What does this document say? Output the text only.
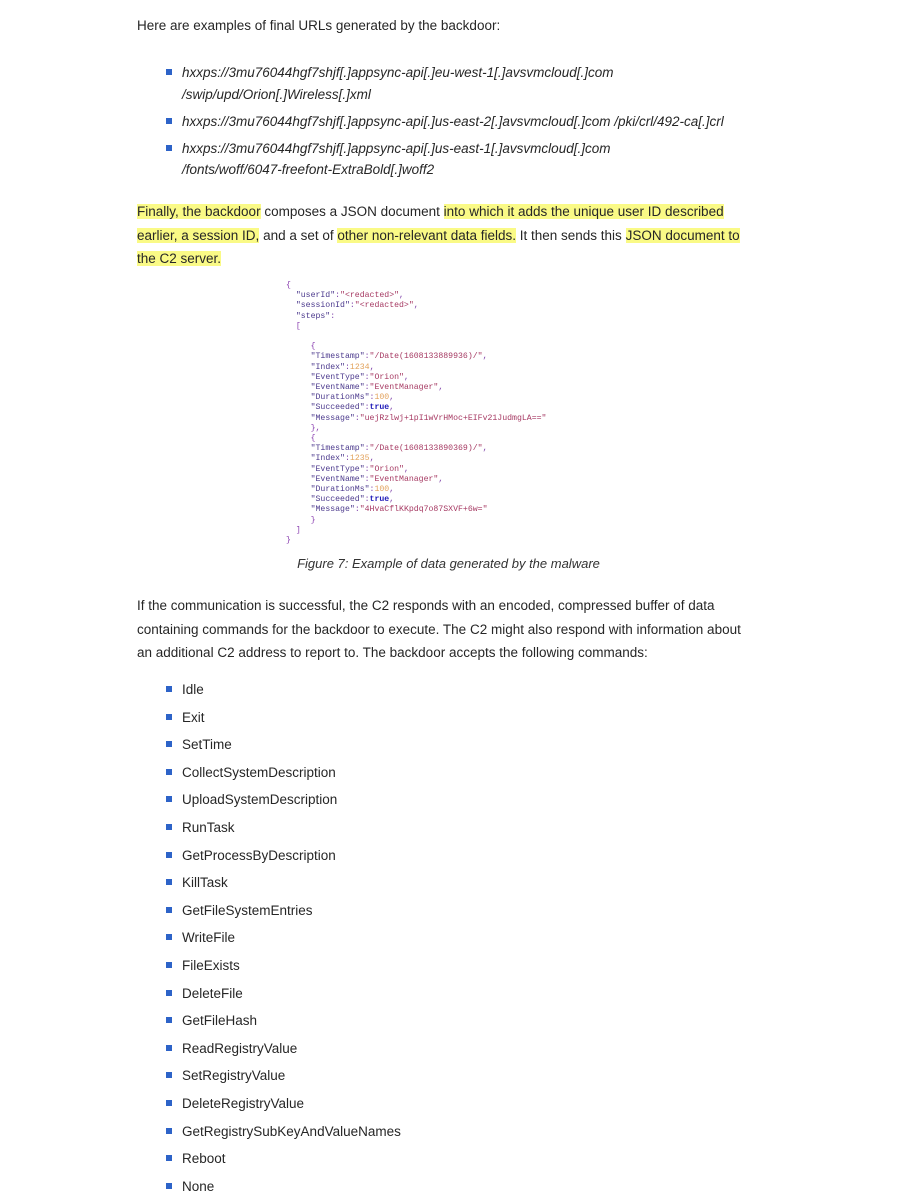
Here are examples of final URLs generated by the backdoor:
hxxps://3mu76044hgf7shjf[.]appsync-api[.]eu-west-1[.]avsvmcloud[.]com
/swip/upd/Orion[.]Wireless[.]xml
hxxps://3mu76044hgf7shjf[.]appsync-api[.]us-east-2[.]avsvmcloud[.]com /pki/crl/492-ca[.]crl
hxxps://3mu76044hgf7shjf[.]appsync-api[.]us-east-1[.]avsvmcloud[.]com
/fonts/woff/6047-freefont-ExtraBold[.]woff2
Finally, the backdoor composes a JSON document into which it adds the unique user ID described earlier, a session ID, and a set of other non-relevant data fields. It then sends this JSON document to the C2 server.
{
"userId":"<redacted>",
"sessionId":"<redacted>",
"steps":
[

{
"Timestamp":"/Date(1608133889936)/",
"Index":1234,
"EventType":"Orion",
"EventName":"EventManager",
"DurationMs":100,
"Succeeded":true,
"Message":"uejRzlwj+1pI1wVrHMoc+EIFv21JudmgLA=="
},
{
"Timestamp":"/Date(1608133890369)/",
"Index":1235,
"EventType":"Orion",
"EventName":"EventManager",
"DurationMs":100,
"Succeeded":true,
"Message":"4HvaCflKKpdq7o87SXVF+6w="
}
]
}
Figure 7: Example of data generated by the malware
If the communication is successful, the C2 responds with an encoded, compressed buffer of data containing commands for the backdoor to execute. The C2 might also respond with information about an additional C2 address to report to. The backdoor accepts the following commands:
Idle
Exit
SetTime
CollectSystemDescription
UploadSystemDescription
RunTask
GetProcessByDescription
KillTask
GetFileSystemEntries
WriteFile
FileExists
DeleteFile
GetFileHash
ReadRegistryValue
SetRegistryValue
DeleteRegistryValue
GetRegistrySubKeyAndValueNames
Reboot
None
